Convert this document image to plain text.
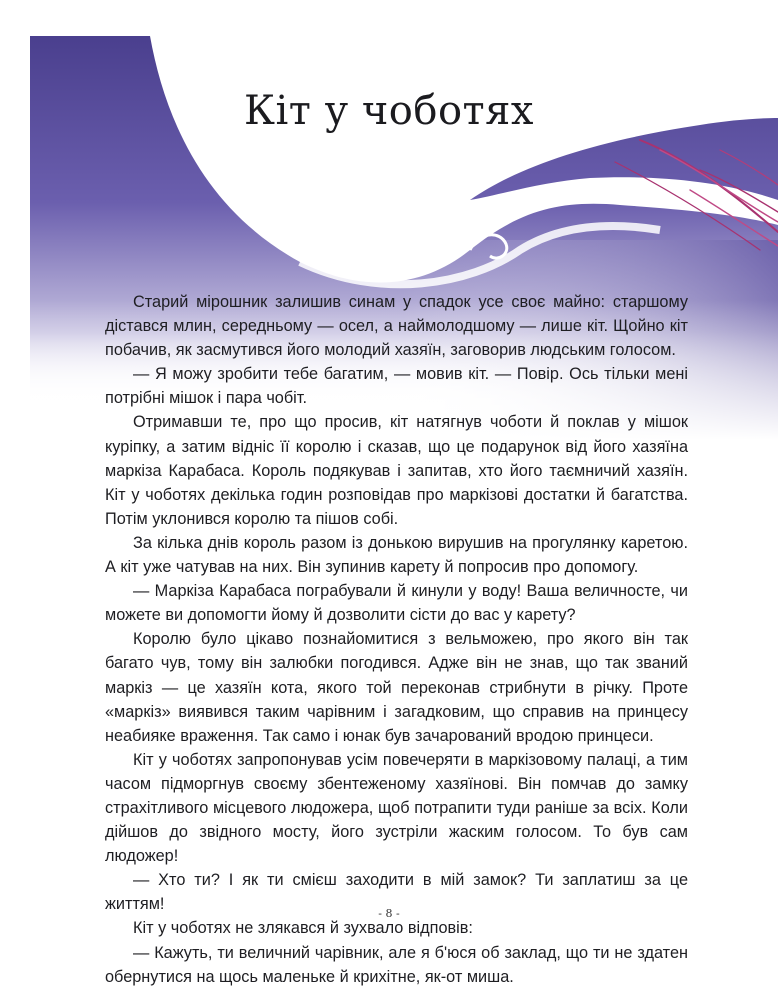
Кіт у чоботях

Старий мірошник залишив синам у спадок усе своє майно: старшому дістався млин, середньому — осел, а наймолодшому — лише кіт. Щойно кіт побачив, як засмутився його молодий хазяїн, заговорив людським голосом.

— Я можу зробити тебе багатим, — мовив кіт. — Повір. Ось тільки мені потрібні мішок і пара чобіт.

Отримавши те, про що просив, кіт натягнув чоботи й поклав у мішок куріпку, а затим відніс її королю і сказав, що це подарунок від його хазяїна маркіза Карабаса. Король подякував і запитав, хто його таємничий хазяїн. Кіт у чоботях декілька годин розповідав про маркізові достатки й багатства. Потім уклонився королю та пішов собі.

За кілька днів король разом із донькою вирушив на прогулянку каретою. А кіт уже чатував на них. Він зупинив карету й попросив про допомогу.

— Маркіза Карабаса пограбували й кинули у воду! Ваша величносте, чи можете ви допомогти йому й дозволити сісти до вас у карету?

Королю було цікаво познайомитися з вельможею, про якого він так багато чув, тому він залюбки погодився. Адже він не знав, що так званий маркіз — це хазяїн кота, якого той переконав стрибнути в річку. Проте «маркіз» виявився таким чарівним і загадковим, що справив на принцесу неабияке враження. Так само і юнак був зачарований вродою принцеси.

Кіт у чоботях запропонував усім повечеряти в маркізовому палаці, а тим часом підморгнув своєму збентеженому хазяїнові. Він помчав до замку страхітливого місцевого людожера, щоб потрапити туди раніше за всіх. Коли дійшов до звідного мосту, його зустріли жаским голосом. То був сам людожер!

— Хто ти? І як ти смієш заходити в мій замок? Ти заплатиш за це життям!

Кіт у чоботях не злякався й зухвало відповів:

— Кажуть, ти величний чарівник, але я б'юся об заклад, що ти не здатен обернутися на щось маленьке й крихітне, як-от миша.

- 8 -
